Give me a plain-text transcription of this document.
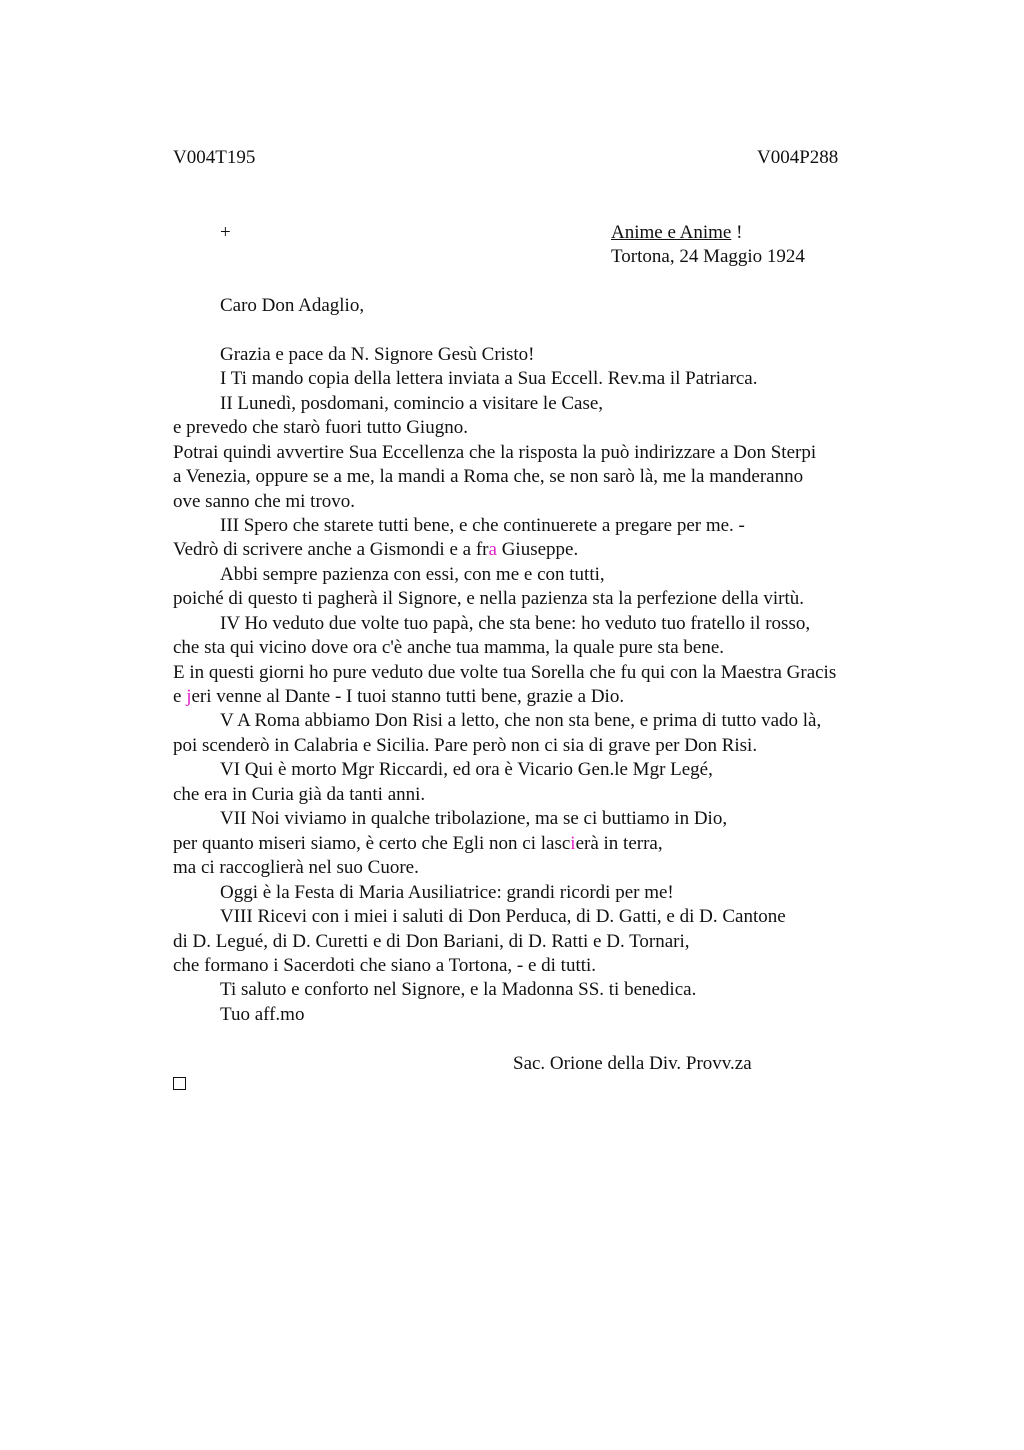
V004T195	V004P288
+	Anime e Anime !
Tortona, 24 Maggio 1924
Caro Don Adaglio,
Grazia e pace da N. Signore Gesù Cristo!
I Ti mando copia della lettera inviata a Sua Eccell. Rev.ma il Patriarca.
II Lunedì, posdomani, comincio a visitare le Case,
e prevedo che starò fuori tutto Giugno.
Potrai quindi avvertire Sua Eccellenza che la risposta la può indirizzare a Don Sterpi
a Venezia, oppure se a me, la mandi a Roma che, se non sarò là, me la manderanno
ove sanno che mi trovo.
III Spero che starete tutti bene, e che continuerete a pregare per me. -
Vedrò di scrivere anche a Gismondi e a fra Giuseppe.
Abbi sempre pazienza con essi, con me e con tutti,
poiché di questo ti pagherà il Signore, e nella pazienza sta la perfezione della virtù.
IV Ho veduto due volte tuo papà, che sta bene: ho veduto tuo fratello il rosso,
che sta qui vicino dove ora c'è anche tua mamma, la quale pure sta bene.
E in questi giorni ho pure veduto due volte tua Sorella che fu qui con la Maestra Gracis
e jeri venne al Dante - I tuoi stanno tutti bene, grazie a Dio.
V A Roma abbiamo Don Risi a letto, che non sta bene, e prima di tutto vado là,
poi scenderò in Calabria e Sicilia. Pare però non ci sia di grave per Don Risi.
VI Qui è morto Mgr Riccardi, ed ora è Vicario Gen.le Mgr Legé,
che era in Curia già da tanti anni.
VII Noi viviamo in qualche tribolazione, ma se ci buttiamo in Dio,
per quanto miseri siamo, è certo che Egli non ci lascierà in terra,
ma ci raccoglierà nel suo Cuore.
Oggi è la Festa di Maria Ausiliatrice: grandi ricordi per me!
VIII Ricevi con i miei i saluti di Don Perduca, di D. Gatti, e di D. Cantone
di D. Legué, di D. Curetti e di Don Bariani, di D. Ratti e D. Tornari,
che formano i Sacerdoti che siano a Tortona, - e di tutti.
Ti saluto e conforto nel Signore, e la Madonna SS. ti benedica.
Tuo aff.mo
Sac. Orione della Div. Provv.za
